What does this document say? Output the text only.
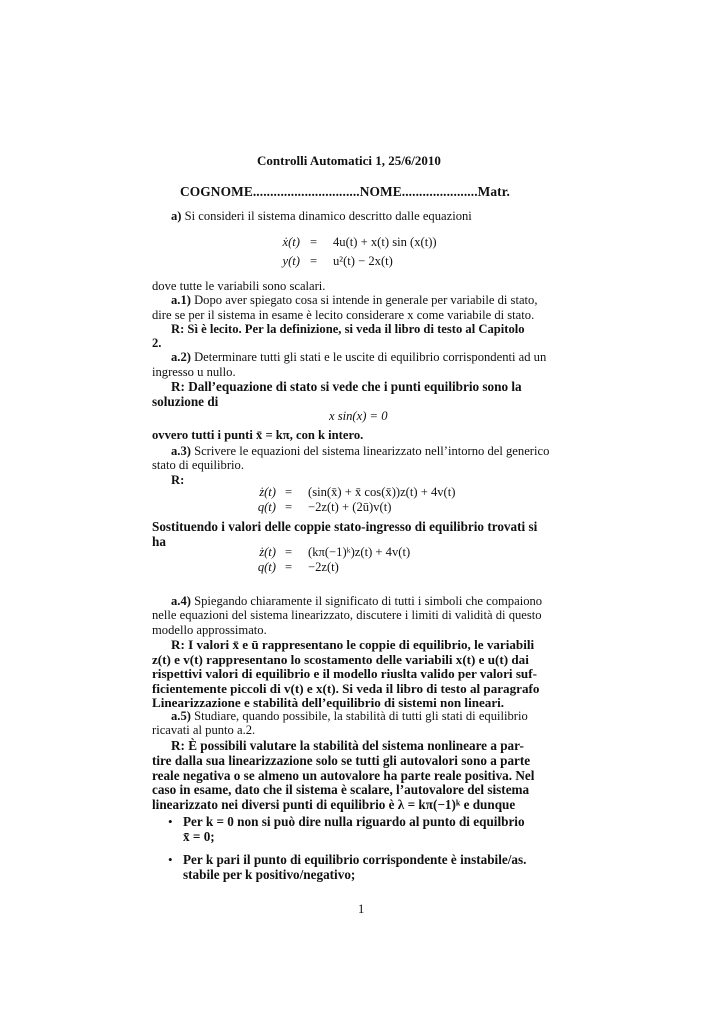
Controlli Automatici 1, 25/6/2010
COGNOME...............................NOME......................Matr.
a) Si consideri il sistema dinamico descritto dalle equazioni
ẋ(t) = 4u(t) + x(t) sin (x(t))
y(t) = u²(t) − 2x(t)
dove tutte le variabili sono scalari.
a.1) Dopo aver spiegato cosa si intende in generale per variabile di stato,
dire se per il sistema in esame è lecito considerare x come variabile di stato.
R: Sì è lecito. Per la definizione, si veda il libro di testo al Capitolo
2.
a.2) Determinare tutti gli stati e le uscite di equilibrio corrispondenti ad un
ingresso u nullo.
R: Dall’equazione di stato si vede che i punti equilibrio sono la
soluzione di
x sin(x) = 0
ovvero tutti i punti x̄ = kπ, con k intero.
a.3) Scrivere le equazioni del sistema linearizzato nell’intorno del generico
stato di equilibrio.
R:
ż(t) = (sin(x̄) + x̄ cos(x̄))z(t) + 4v(t)
q(t) = −2z(t) + (2ū)v(t)
Sostituendo i valori delle coppie stato-ingresso di equilibrio trovati si
ha
ż(t) = (kπ(−1)ᵏ)z(t) + 4v(t)
q(t) = −2z(t)
a.4) Spiegando chiaramente il significato di tutti i simboli che compaiono
nelle equazioni del sistema linearizzato, discutere i limiti di validità di questo
modello approssimato.
R: I valori x̄ e ū rappresentano le coppie di equilibrio, le variabili
z(t) e v(t) rappresentano lo scostamento delle variabili x(t) e u(t) dai
rispettivi valori di equilibrio e il modello riuslta valido per valori suf-
ficientemente piccoli di v(t) e x(t). Si veda il libro di testo al paragrafo
Linearizzazione e stabilità dell’equilibrio di sistemi non lineari.
a.5) Studiare, quando possibile, la stabilità di tutti gli stati di equilibrio
ricavati al punto a.2.
R: È possibili valutare la stabilità del sistema nonlineare a par-
tire dalla sua linearizzazione solo se tutti gli autovalori sono a parte
reale negativa o se almeno un autovalore ha parte reale positiva. Nel
caso in esame, dato che il sistema è scalare, l’autovalore del sistema
linearizzato nei diversi punti di equilibrio è λ = kπ(−1)ᵏ e dunque
• Per k = 0 non si può dire nulla riguardo al punto di equilbrio
x̄ = 0;
• Per k pari il punto di equilibrio corrispondente è instabile/as.
stabile per k positivo/negativo;
1
